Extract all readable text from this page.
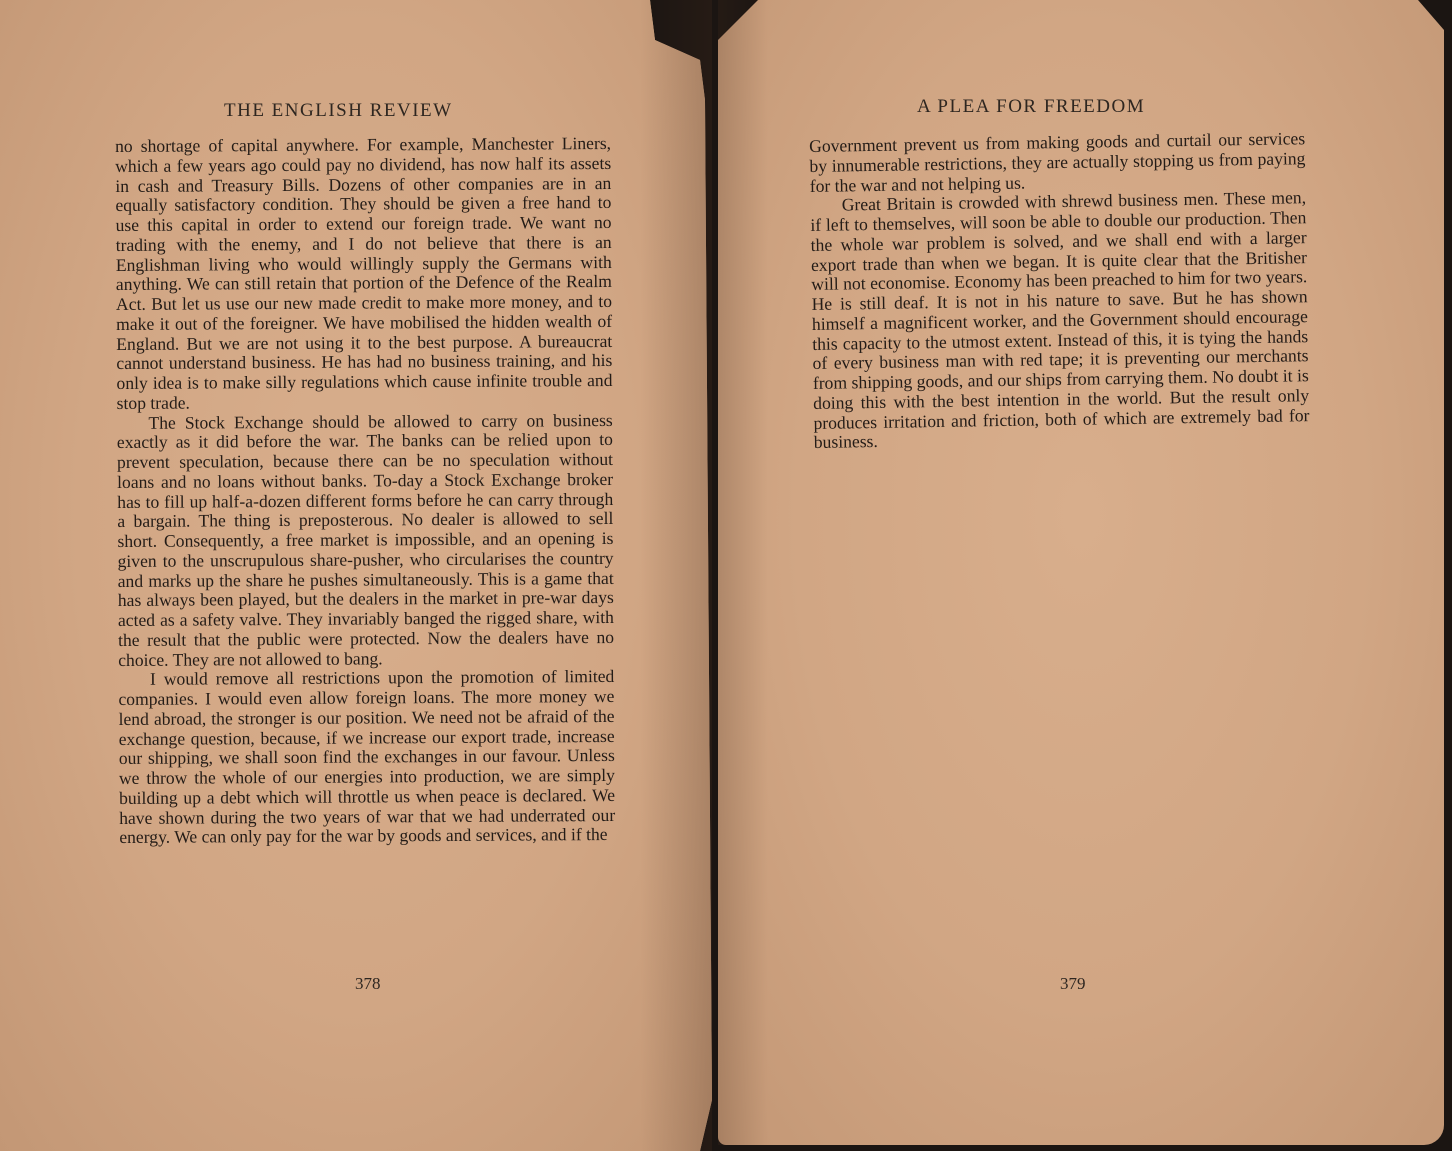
THE ENGLISH REVIEW

no shortage of capital anywhere. For example, Manchester Liners, which a few years ago could pay no dividend, has now half its assets in cash and Treasury Bills. Dozens of other companies are in an equally satisfactory condition. They should be given a free hand to use this capital in order to extend our foreign trade. We want no trading with the enemy, and I do not believe that there is an Englishman living who would willingly supply the Germans with anything. We can still retain that portion of the Defence of the Realm Act. But let us use our new made credit to make more money, and to make it out of the foreigner. We have mobilised the hidden wealth of England. But we are not using it to the best purpose. A bureaucrat cannot understand business. He has had no business training, and his only idea is to make silly regulations which cause infinite trouble and stop trade.

The Stock Exchange should be allowed to carry on business exactly as it did before the war. The banks can be relied upon to prevent speculation, because there can be no speculation without loans and no loans without banks. To-day a Stock Exchange broker has to fill up half-a-dozen different forms before he can carry through a bargain. The thing is preposterous. No dealer is allowed to sell short. Consequently, a free market is impossible, and an opening is given to the unscrupulous share-pusher, who circularises the country and marks up the share he pushes simultaneously. This is a game that has always been played, but the dealers in the market in pre-war days acted as a safety valve. They invariably banged the rigged share, with the result that the public were protected. Now the dealers have no choice. They are not allowed to bang.

I would remove all restrictions upon the promotion of limited companies. I would even allow foreign loans. The more money we lend abroad, the stronger is our position. We need not be afraid of the exchange question, because, if we increase our export trade, increase our shipping, we shall soon find the exchanges in our favour. Unless we throw the whole of our energies into production, we are simply building up a debt which will throttle us when peace is declared. We have shown during the two years of war that we had underrated our energy. We can only pay for the war by goods and services, and if the

378
A PLEA FOR FREEDOM

Government prevent us from making goods and curtail our services by innumerable restrictions, they are actually stopping us from paying for the war and not helping us.

Great Britain is crowded with shrewd business men. These men, if left to themselves, will soon be able to double our production. Then the whole war problem is solved, and we shall end with a larger export trade than when we began. It is quite clear that the Britisher will not economise. Economy has been preached to him for two years. He is still deaf. It is not in his nature to save. But he has shown himself a magnificent worker, and the Government should encourage this capacity to the utmost extent. Instead of this, it is tying the hands of every business man with red tape; it is preventing our merchants from shipping goods, and our ships from carrying them. No doubt it is doing this with the best intention in the world. But the result only produces irritation and friction, both of which are extremely bad for business.

379
